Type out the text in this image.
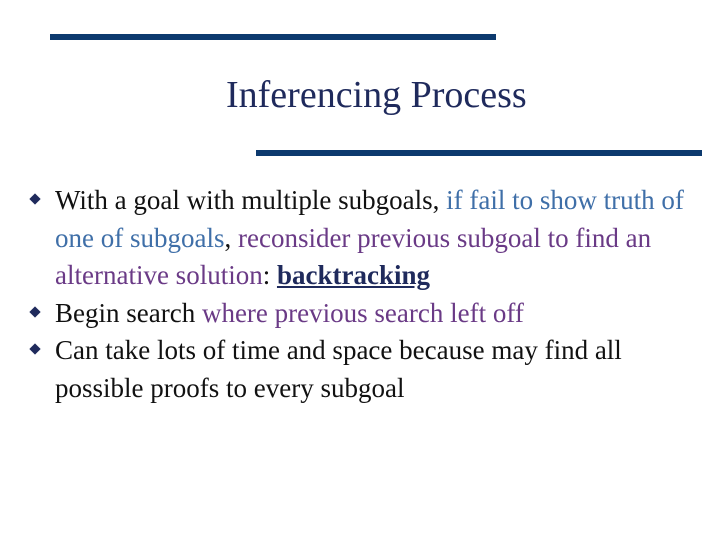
Inferencing Process
With a goal with multiple subgoals, if fail to show truth of one of subgoals, reconsider previous subgoal to find an alternative solution: backtracking
Begin search where previous search left off
Can take lots of time and space because may find all possible proofs to every subgoal
